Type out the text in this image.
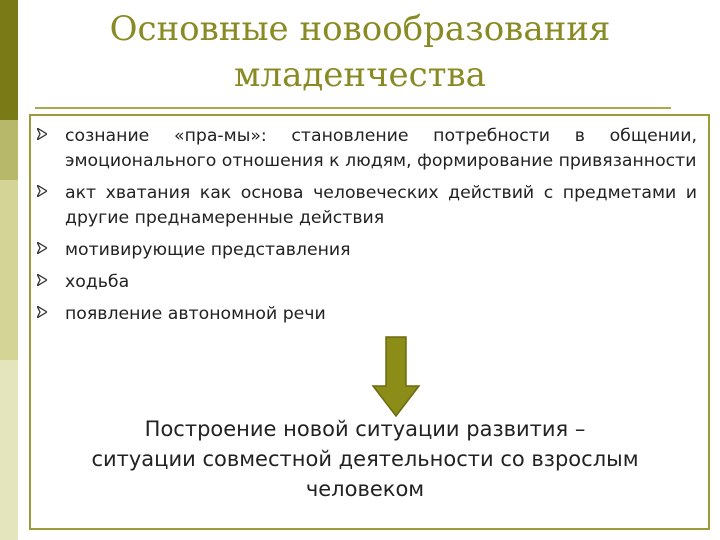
Основные новообразования
младенчества
сознание «пра-мы»: становление потребности в общении, эмоционального отношения к людям, формирование привязанности
акт хватания как основа человеческих действий с предметами и другие преднамеренные действия
мотивирующие представления
ходьба
появление автономной речи
Построение новой ситуации развития –
ситуации совместной деятельности со взрослым
человеком
